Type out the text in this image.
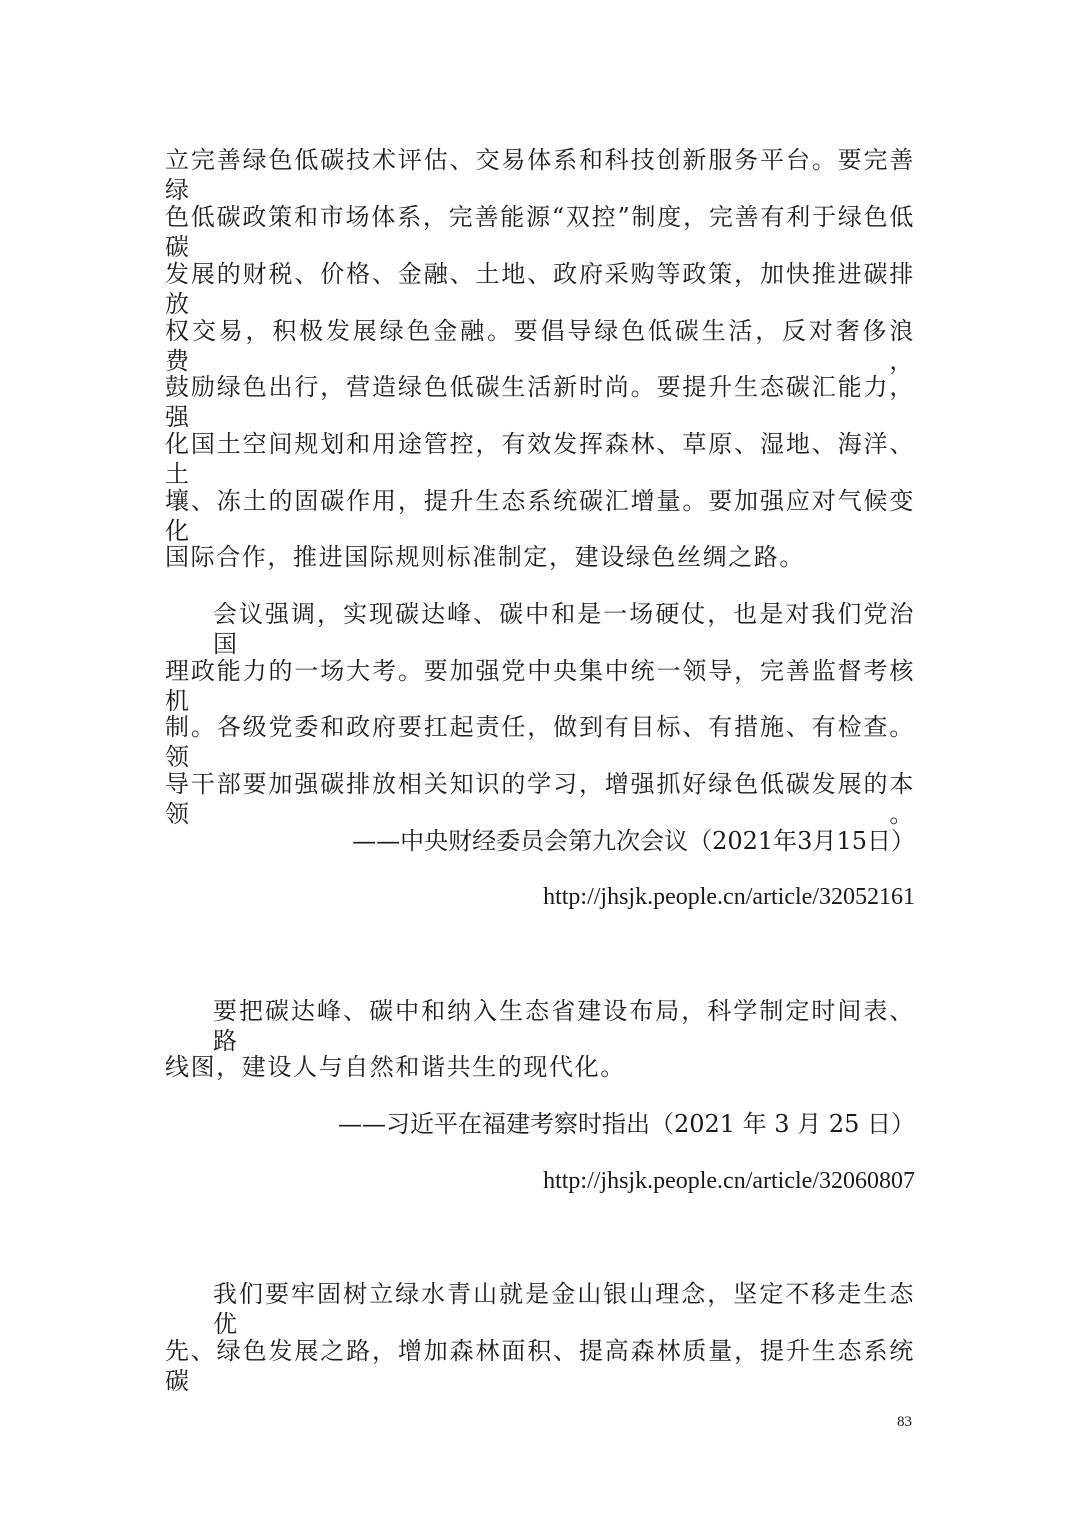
立完善绿色低碳技术评估、交易体系和科技创新服务平台。要完善绿
色低碳政策和市场体系，完善能源“双控”制度，完善有利于绿色低碳
发展的财税、价格、金融、土地、政府采购等政策，加快推进碳排放
权交易，积极发展绿色金融。要倡导绿色低碳生活，反对奢侈浪费，
鼓励绿色出行，营造绿色低碳生活新时尚。要提升生态碳汇能力，强
化国土空间规划和用途管控，有效发挥森林、草原、湿地、海洋、土
壤、冻土的固碳作用，提升生态系统碳汇增量。要加强应对气候变化
国际合作，推进国际规则标准制定，建设绿色丝绸之路。
会议强调，实现碳达峰、碳中和是一场硬仗，也是对我们党治国
理政能力的一场大考。要加强党中央集中统一领导，完善监督考核机
制。各级党委和政府要扛起责任，做到有目标、有措施、有检查。领
导干部要加强碳排放相关知识的学习，增强抓好绿色低碳发展的本领。
——中央财经委员会第九次会议（2021年3月15日）
http://jhsjk.people.cn/article/32052161
要把碳达峰、碳中和纳入生态省建设布局，科学制定时间表、路
线图，建设人与自然和谐共生的现代化。
——习近平在福建考察时指出（2021 年 3 月 25 日）
http://jhsjk.people.cn/article/32060807
我们要牢固树立绿水青山就是金山银山理念，坚定不移走生态优
先、绿色发展之路，增加森林面积、提高森林质量，提升生态系统碳
83
